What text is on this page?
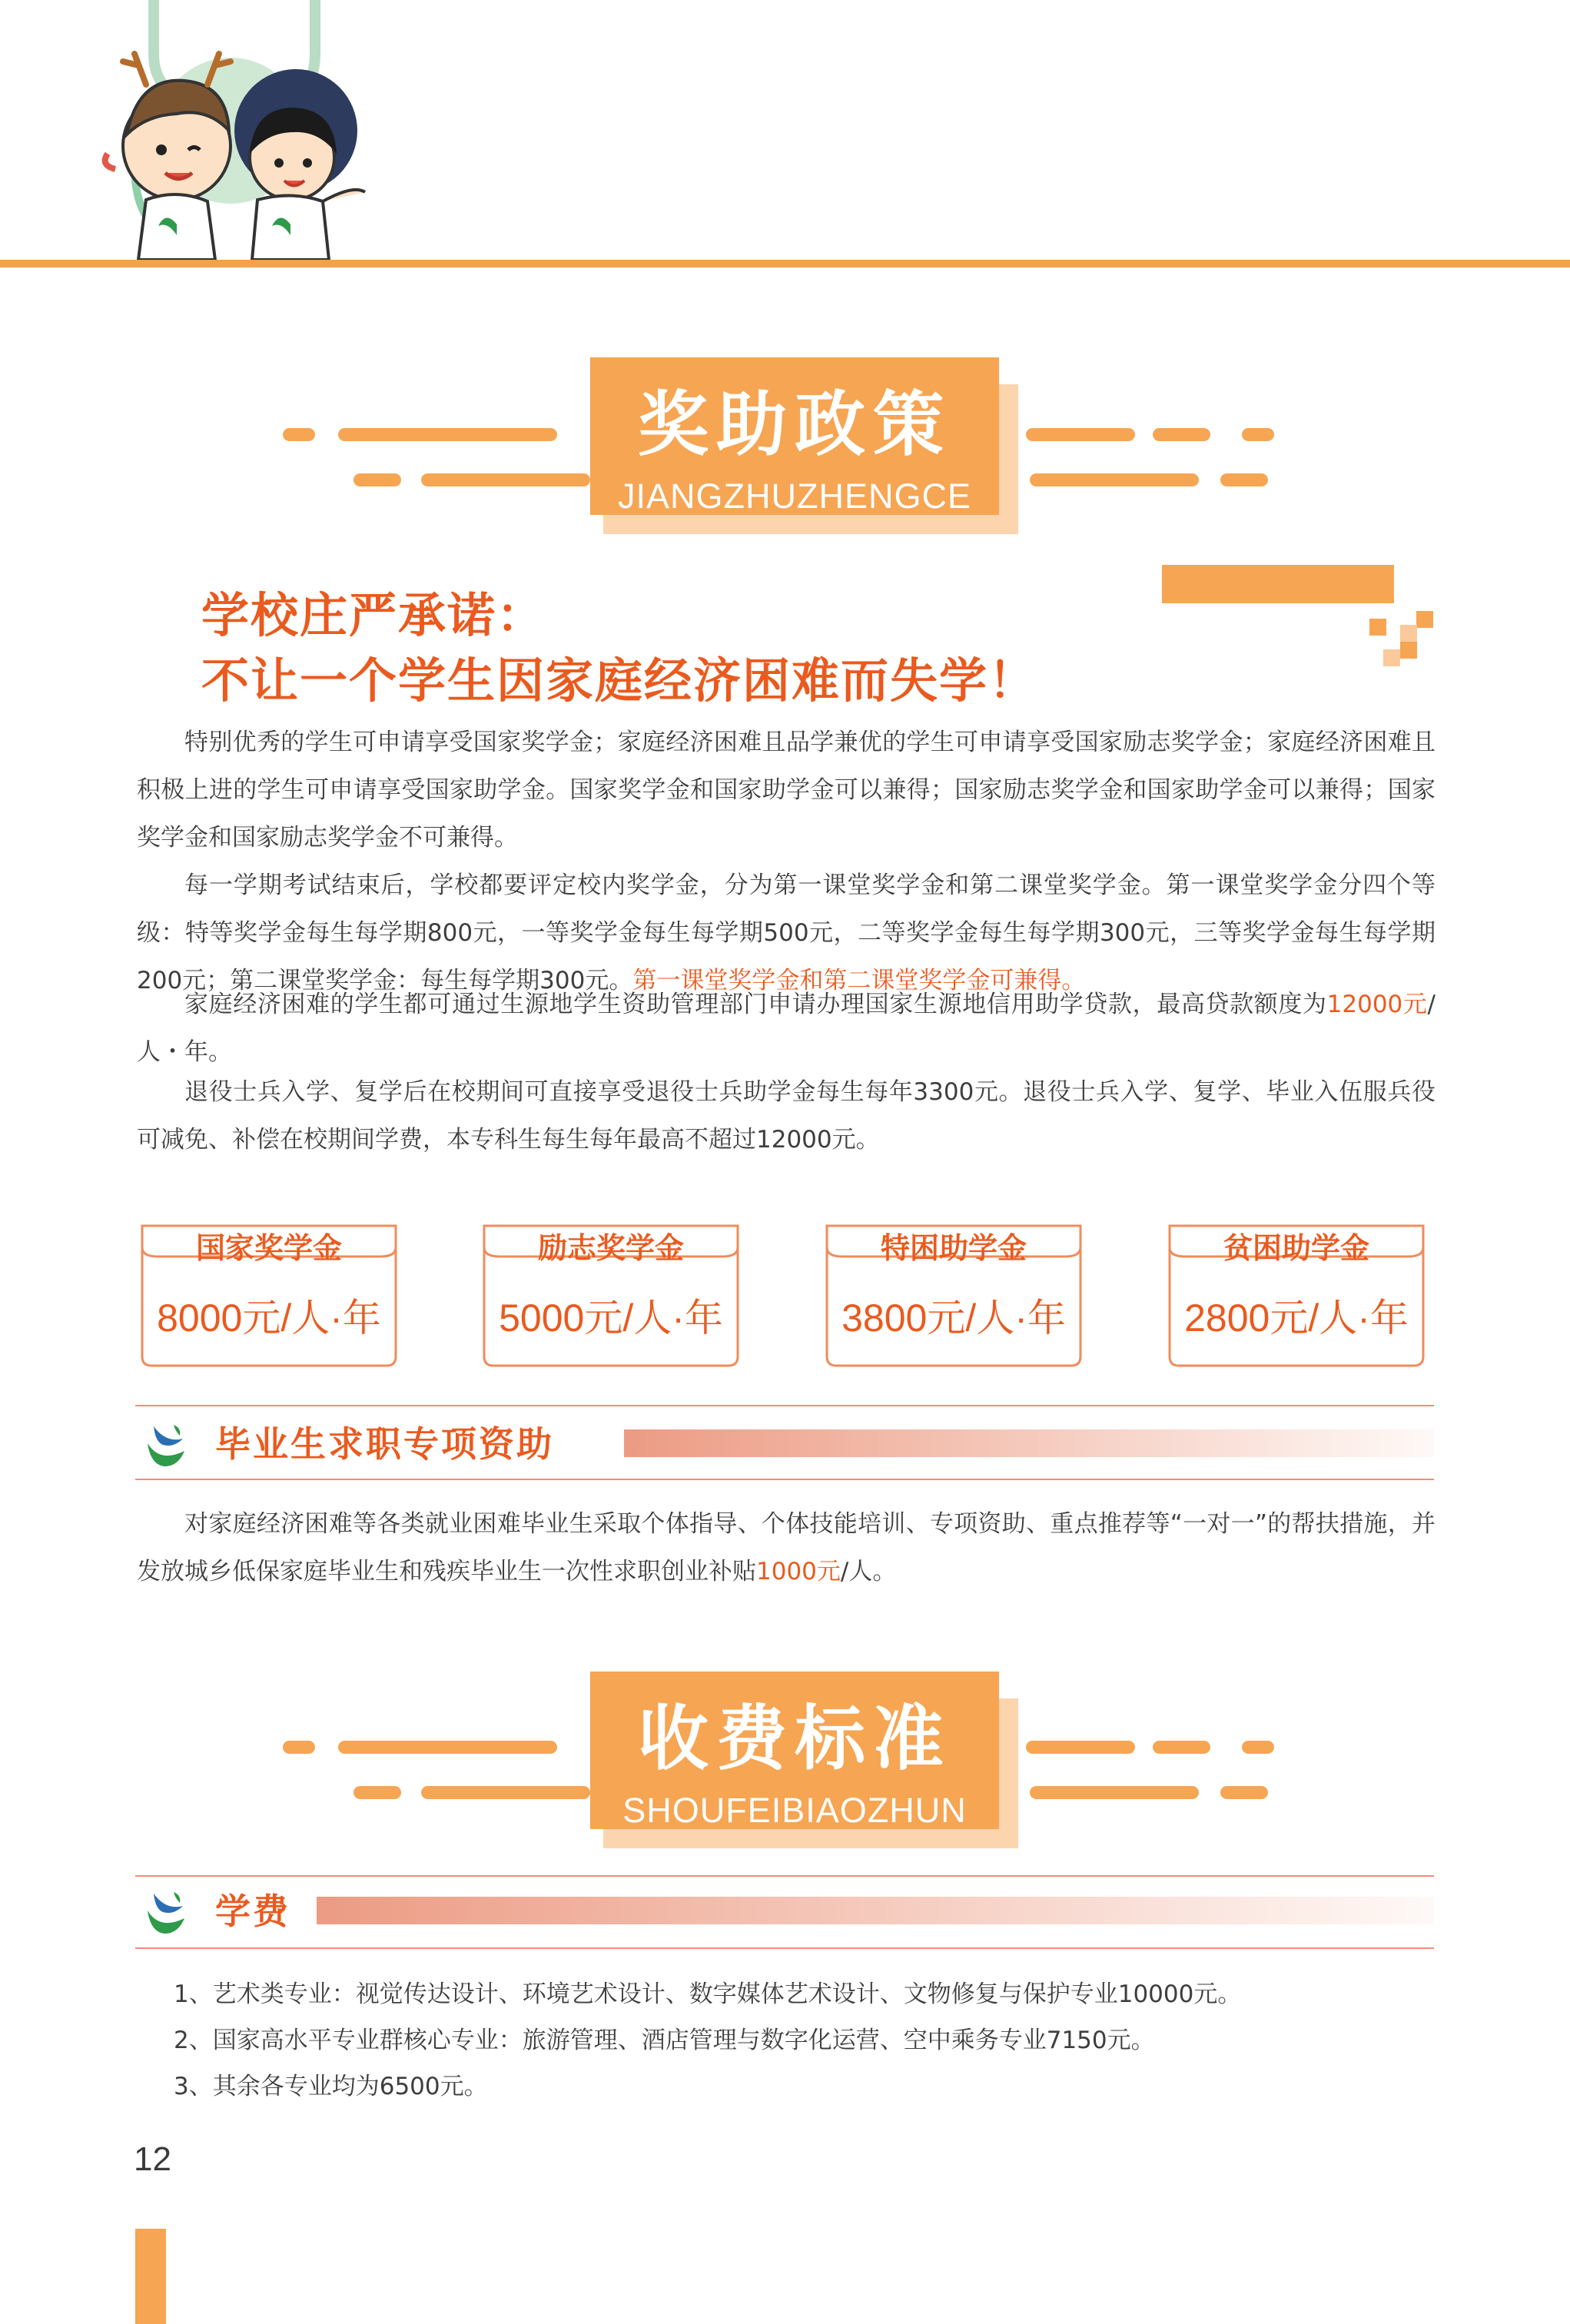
奖助政策
JIANGZHUZHENGCE
学校庄严承诺：
不让一个学生因家庭经济困难而失学！

特别优秀的学生可申请享受国家奖学金；家庭经济困难且品学兼优的学生可申请享受国家励志奖学金；家庭经济困难且积极上进的学生可申请享受国家助学金。国家奖学金和国家助学金可以兼得；国家励志奖学金和国家助学金可以兼得；国家奖学金和国家励志奖学金不可兼得。

每一学期考试结束后，学校都要评定校内奖学金，分为第一课堂奖学金和第二课堂奖学金。第一课堂奖学金分四个等级：特等奖学金每生每学期800元，一等奖学金每生每学期500元，二等奖学金每生每学期300元，三等奖学金每生每学期200元；第二课堂奖学金：每生每学期300元。第一课堂奖学金和第二课堂奖学金可兼得。

家庭经济困难的学生都可通过生源地学生资助管理部门申请办理国家生源地信用助学贷款，最高贷款额度为12000元/人・年。

退役士兵入学、复学后在校期间可直接享受退役士兵助学金每生每年3300元。退役士兵入学、复学、毕业入伍服兵役可减免、补偿在校期间学费，本专科生每生每年最高不超过12000元。

国家奖学金
8000元/人·年
励志奖学金
5000元/人·年
特困助学金
3800元/人·年
贫困助学金
2800元/人·年
毕业生求职专项资助

对家庭经济困难等各类就业困难毕业生采取个体指导、个体技能培训、专项资助、重点推荐等“一对一”的帮扶措施，并发放城乡低保家庭毕业生和残疾毕业生一次性求职创业补贴1000元/人。

收费标准
SHOUFEIBIAOZHUN
学费
1、艺术类专业：视觉传达设计、环境艺术设计、数字媒体艺术设计、文物修复与保护专业10000元。
2、国家高水平专业群核心专业：旅游管理、酒店管理与数字化运营、空中乘务专业7150元。
3、其余各专业均为6500元。
12
